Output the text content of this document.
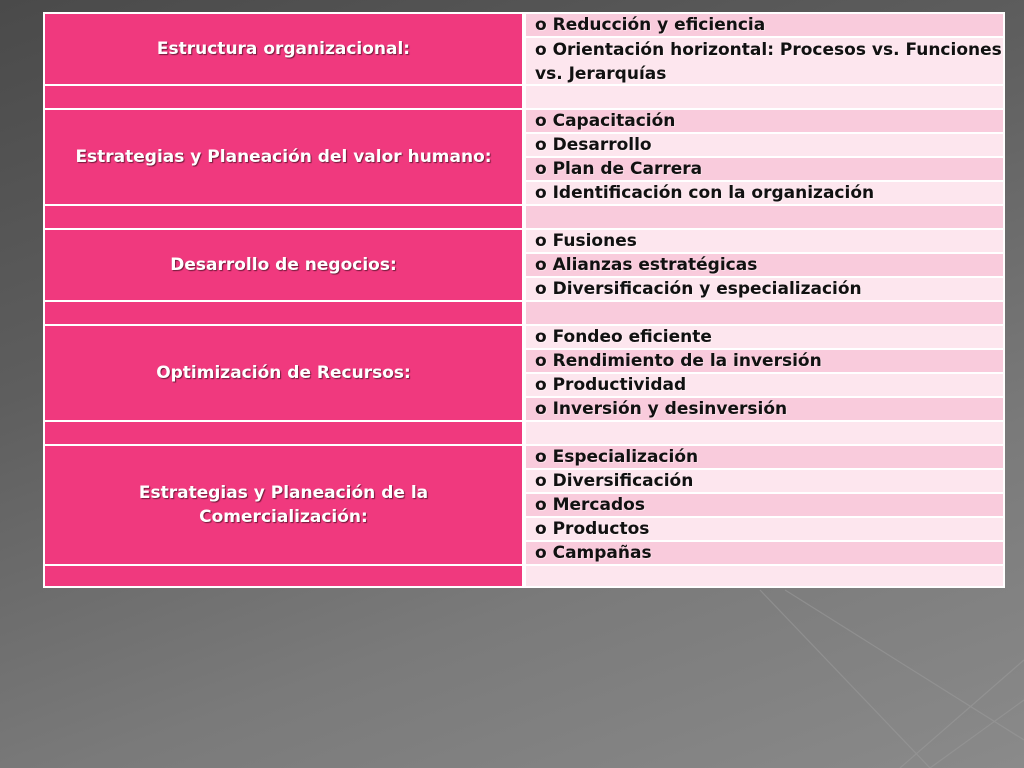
Estructura organizacional:
o Reducción y eficiencia
o Orientación horizontal: Procesos vs. Funciones vs. Jerarquías
Estrategias y Planeación del valor humano:
o Capacitación
o Desarrollo
o Plan de Carrera
o Identificación con la organización
Desarrollo de negocios:
o Fusiones
o Alianzas estratégicas
o Diversificación y especialización
Optimización de Recursos:
o Fondeo eficiente
o Rendimiento de la inversión
o Productividad
o Inversión y desinversión
Estrategias y Planeación de la Comercialización:
o Especialización
o Diversificación
o Mercados
o Productos
o Campañas
